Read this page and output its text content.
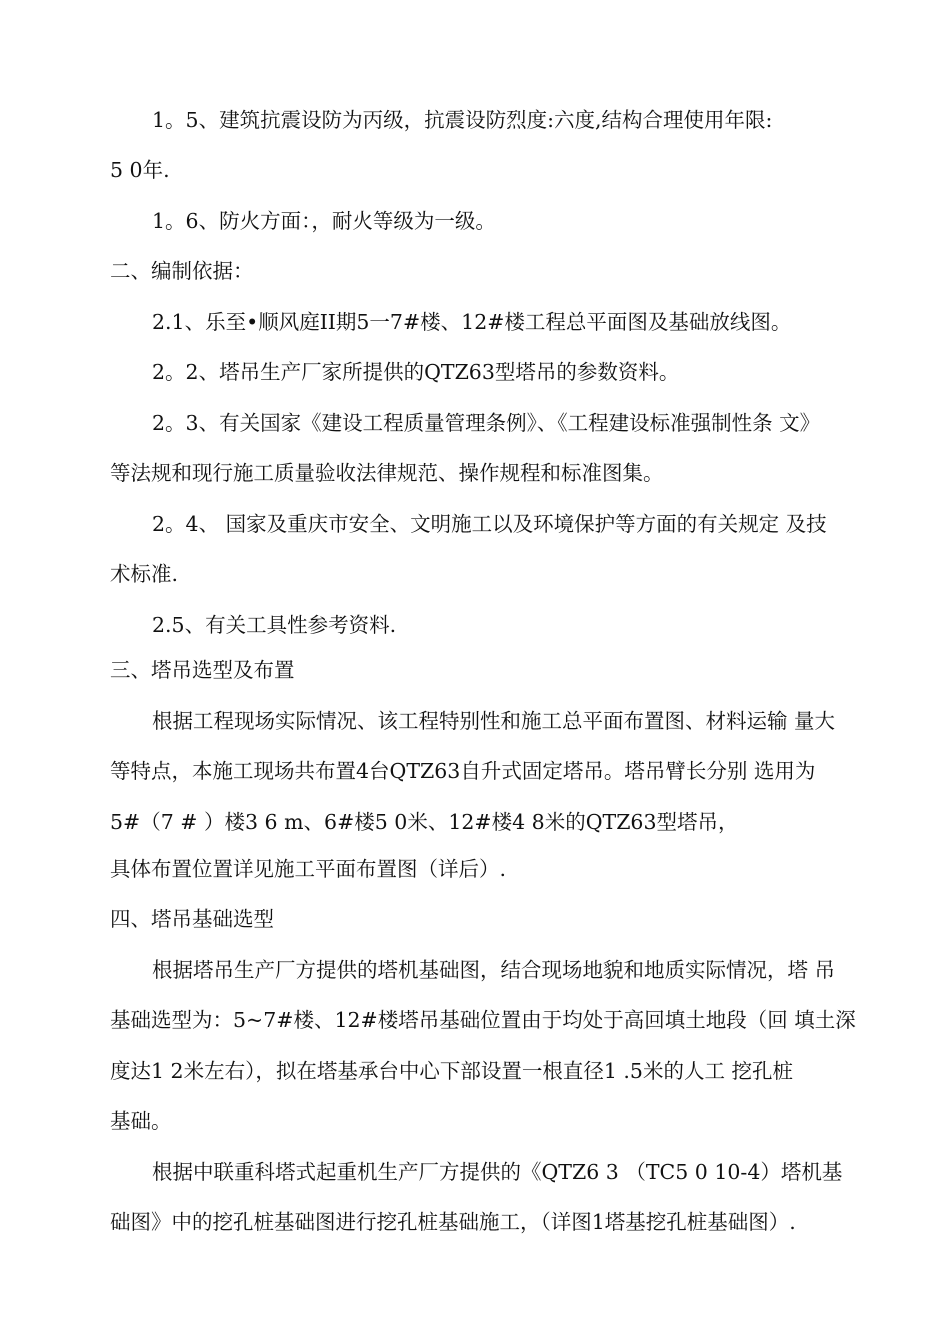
1。5、建筑抗震设防为丙级，抗震设防烈度:六度,结构合理使用年限:
5 0年.
1。6、防火方面：，耐火等级为一级。
二、编制依据：
2.1、乐至•顺风庭II期5一7#楼、12#楼工程总平面图及基础放线图。
2。2、塔吊生产厂家所提供的QTZ63型塔吊的参数资料。
2。3、有关国家《建设工程质量管理条例》、《工程建设标准强制性条 文》
等法规和现行施工质量验收法律规范、操作规程和标准图集。
2。4、 国家及重庆市安全、文明施工以及环境保护等方面的有关规定 及技
术标准.
2.5、有关工具性参考资料.
三、塔吊选型及布置
根据工程现场实际情况、该工程特别性和施工总平面布置图、材料运输 量大
等特点，本施工现场共布置4台QTZ63自升式固定塔吊。塔吊臂长分别 选用为
5#（7 # ）楼3 6 m、6#楼5 0米、12#楼4 8米的QTZ63型塔吊，
具体布置位置详见施工平面布置图（详后）.
四、塔吊基础选型
根据塔吊生产厂方提供的塔机基础图，结合现场地貌和地质实际情况，塔 吊
基础选型为：5~7#楼、12#楼塔吊基础位置由于均处于高回填土地段（回 填土深
度达1 2米左右），拟在塔基承台中心下部设置一根直径1 .5米的人工 挖孔桩
基础。
根据中联重科塔式起重机生产厂方提供的《QTZ6 3 （TC5 0 10-4）塔机基
础图》中的挖孔桩基础图进行挖孔桩基础施工，（详图1塔基挖孔桩基础图）.
